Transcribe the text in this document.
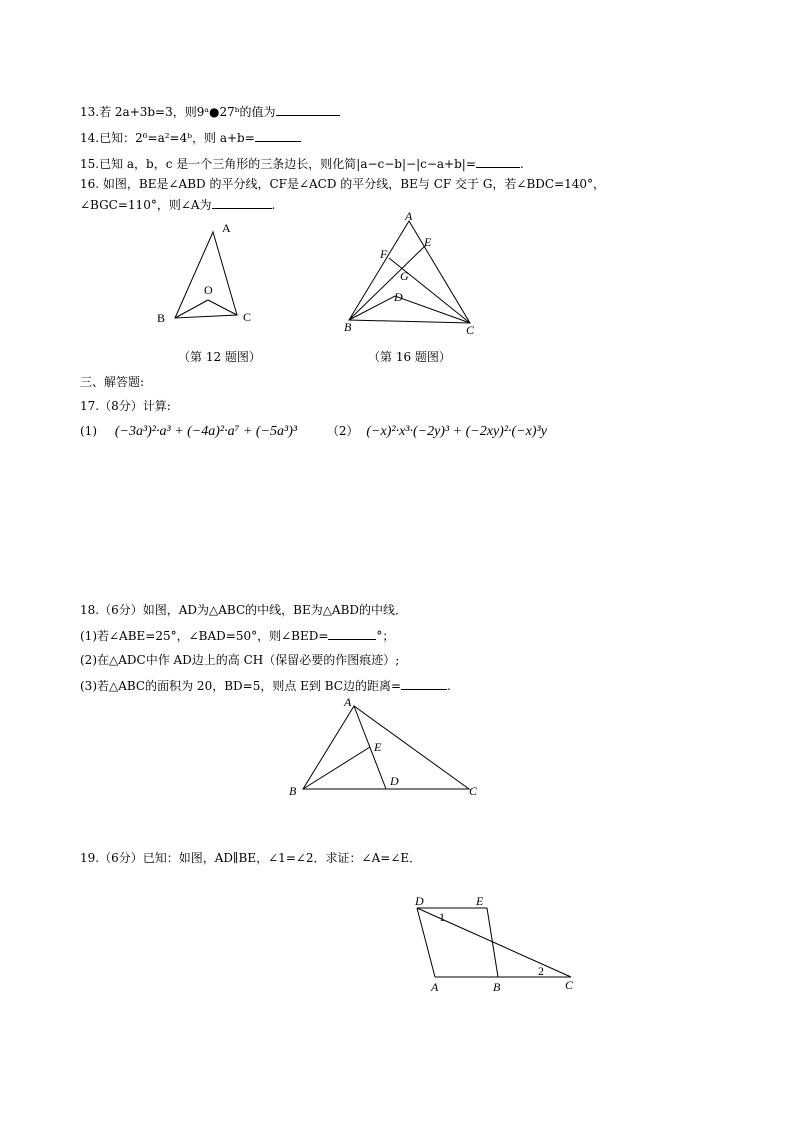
13.若 2a+3b=3，则9ᵃ●27ᵇ的值为
14.已知：2⁶=a²=4ᵇ，则 a+b=
15.已知 a，b，c 是一个三角形的三条边长，则化简|a−c−b|−|c−a+b|=	.
16. 如图，BE是∠ABD 的平分线，CF是∠ACD 的平分线，BE与 CF 交于 G，若∠BDC=140°，
∠BGC=110°，则∠A为	.
A
B	C
O
（第 12 题图）
A
E
F
G
D
B	C
（第 16 题图）
三、解答题:
17.（8分）计算:
(1) (−3a³)²·a³ + (−4a)²·a⁷ + (−5a³)³ （2） (−x)²·x³·(−2y)³ + (−2xy)²·(−x)³y
18.（6分）如图，AD为△ABC的中线，BE为△ABD的中线．
(1)若∠ABE=25°，∠BAD=50°，则∠BED=	°；
(2)在△ADC中作 AD边上的高 CH（保留必要的作图痕迹）;
(3)若△ABC的面积为 20，BD=5，则点 E到 BC边的距离=	.
A
B	C
D
E
19.（6分）已知：如图，AD∥BE，∠1=∠2．求证：∠A=∠E．
D	E
A	B	C
1
2
